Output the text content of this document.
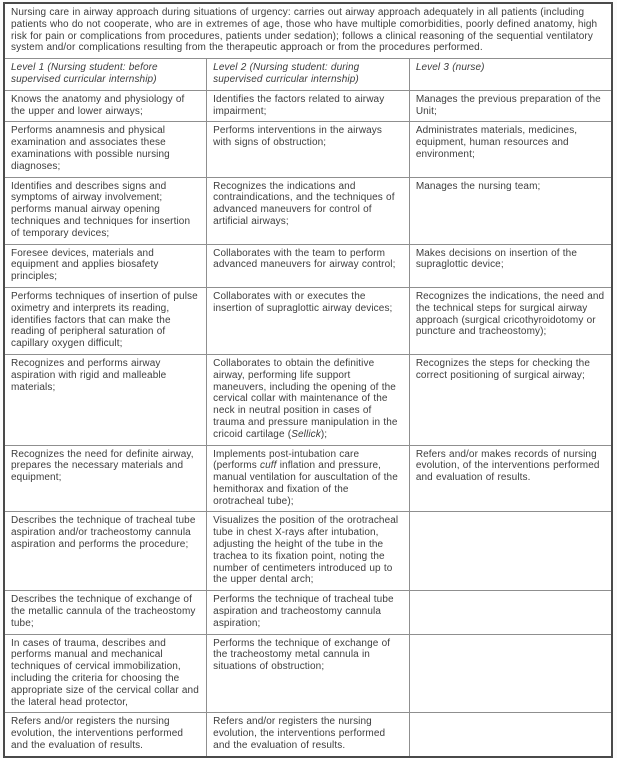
Nursing care in airway approach during situations of urgency: carries out airway approach adequately in all patients (including patients who do not cooperate, who are in extremes of age, those who have multiple comorbidities, poorly defined anatomy, high risk for pain or complications from procedures, patients under sedation); follows a clinical reasoning of the sequential ventilatory system and/or complications resulting from the therapeutic approach or from the procedures performed.		
Level 1 (Nursing student: before supervised curricular internship)	Level 2 (Nursing student: during supervised curricular internship)	Level 3 (nurse)
Knows the anatomy and physiology of the upper and lower airways;	Identifies the factors related to airway impairment;	Manages the previous preparation of the Unit;
Performs anamnesis and physical examination and associates these examinations with possible nursing diagnoses;	Performs interventions in the airways with signs of obstruction;	Administrates materials, medicines, equipment, human resources and environment;
Identifies and describes signs and symptoms of airway involvement; performs manual airway opening techniques and techniques for insertion of temporary devices;	Recognizes the indications and contraindications, and the techniques of advanced maneuvers for control of artificial airways;	Manages the nursing team;
Foresee devices, materials and equipment and applies biosafety principles;	Collaborates with the team to perform advanced maneuvers for airway control;	Makes decisions on insertion of the supraglottic device;
Performs techniques of insertion of pulse oximetry and interprets its reading, identifies factors that can make the reading of peripheral saturation of capillary oxygen difficult;	Collaborates with or executes the insertion of supraglottic airway devices;	Recognizes the indications, the need and the technical steps for surgical airway approach (surgical cricothyroidotomy or puncture and tracheostomy);
Recognizes and performs airway aspiration with rigid and malleable materials;	Collaborates to obtain the definitive airway, performing life support maneuvers, including the opening of the cervical collar with maintenance of the neck in neutral position in cases of trauma and pressure manipulation in the cricoid cartilage (Sellick);	Recognizes the steps for checking the correct positioning of surgical airway;
Recognizes the need for definite airway, prepares the necessary materials and equipment;	Implements post-intubation care (performs cuff inflation and pressure, manual ventilation for auscultation of the hemithorax and fixation of the orotracheal tube);	Refers and/or makes records of nursing evolution, of the interventions performed and evaluation of results.
Describes the technique of tracheal tube aspiration and/or tracheostomy cannula aspiration and performs the procedure;	Visualizes the position of the orotracheal tube in chest X-rays after intubation, adjusting the height of the tube in the trachea to its fixation point, noting the number of centimeters introduced up to the upper dental arch;	
Describes the technique of exchange of the metallic cannula of the tracheostomy tube;	Performs the technique of tracheal tube aspiration and tracheostomy cannula aspiration;	
In cases of trauma, describes and performs manual and mechanical techniques of cervical immobilization, including the criteria for choosing the appropriate size of the cervical collar and the lateral head protector,	Performs the technique of exchange of the tracheostomy metal cannula in situations of obstruction;	
Refers and/or registers the nursing evolution, the interventions performed and the evaluation of results.	Refers and/or registers the nursing evolution, the interventions performed and the evaluation of results.	
